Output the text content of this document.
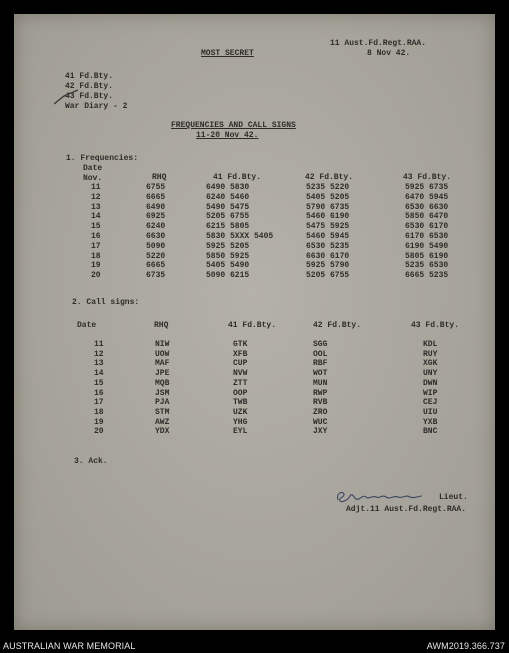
MOST SECRET
11 Aust.Fd.Regt.RAA.
8 Nov 42.
41 Fd.Bty.
42 Fd.Bty.
43 Fd.Bty.
War Diary - 2
FREQUENCIES AND CALL SIGNS
11-20 Nov 42.
1. Frequencies:
Date
Nov.	RHQ	41 Fd.Bty.	42 Fd.Bty.	43 Fd.Bty.
11	6755	6490 5830	5235 5220	5925 6735
12	6665	6240 5460	5405 5205	6470 5945
13	6490	5490 5475	5790 6735	6530 6630
14	6925	5205 6755	5460 6190	5850 6470
15	6240	6215 5805	5475 5925	6530 6170
16	6630	5830 5XXX 5405	5460 5945	6170 6530
17	5090	5925 5205	6530 5235	6190 5490
18	5220	5850 5925	6630 6170	5805 6190
19	6665	5405 5490	5925 5790	5235 6530
20	6735	5090 6215	5205 6755	6665 5235
2. Call signs:
Date	RHQ	41 Fd.Bty.	42 Fd.Bty.	43 Fd.Bty.
11	NIW	GTK	SGG	KDL
12	UOW	XFB	OOL	RUY
13	MAF	CUP	RBF	XGK
14	JPE	NVW	WOT	UNY
15	MQB	ZTT	MUN	DWN
16	JSM	OOP	RWP	WIP
17	PJA	TWB	RVB	CEJ
18	STM	UZK	ZRO	UIU
19	AWZ	YHG	WUC	YXB
20	YDX	EYL	JXY	BNC
3. Ack.
Lieut.
Adjt.11 Aust.Fd.Regt.RAA.
AUSTRALIAN WAR MEMORIAL	AWM2019.366.737
